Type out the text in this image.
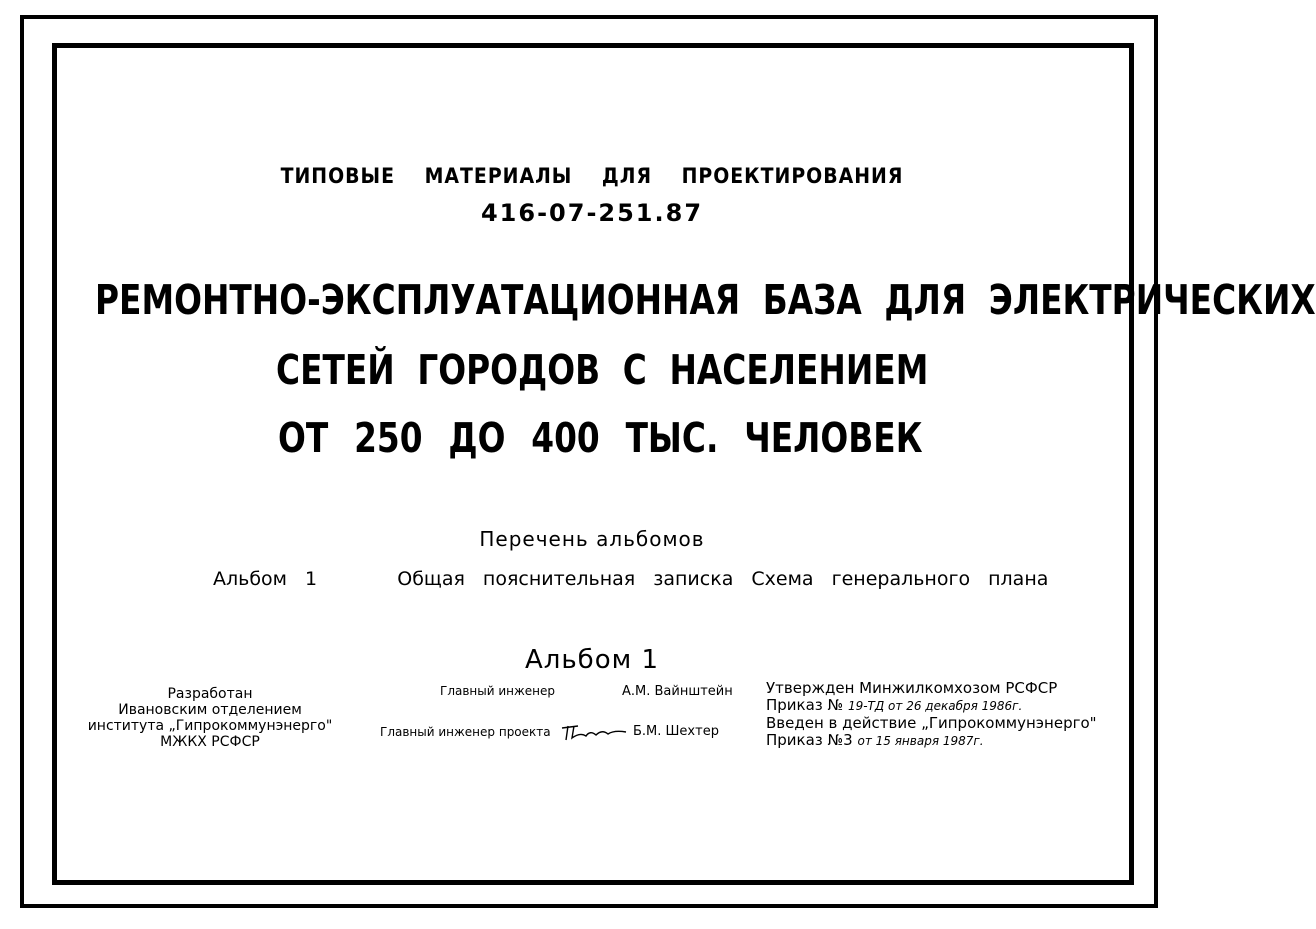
ТИПОВЫЕ МАТЕРИАЛЫ ДЛЯ ПРОЕКТИРОВАНИЯ
416-07-251.87
РЕМОНТНО-ЭКСПЛУАТАЦИОННАЯ БАЗА ДЛЯ ЭЛЕКТРИЧЕСКИХ
СЕТЕЙ ГОРОДОВ С НАСЕЛЕНИЕМ
ОТ 250 ДО 400 ТЫС. ЧЕЛОВЕК
Перечень альбомов
Альбом 1	Общая пояснительная записка Схема генерального плана
Альбом 1
Разработан
Ивановским отделением
института „Гипрокоммунэнерго"
МЖКХ РСФСР
Главный инженер	А.М. Вайнштейн
Главный инженер проекта	Б.М. Шехтер
Утвержден Минжилкомхозом РСФСР
Приказ № 19-ТД от 26 декабря 1986г.
Введен в действие „Гипрокоммунэнерго"
Приказ №3 от 15 января 1987г.
